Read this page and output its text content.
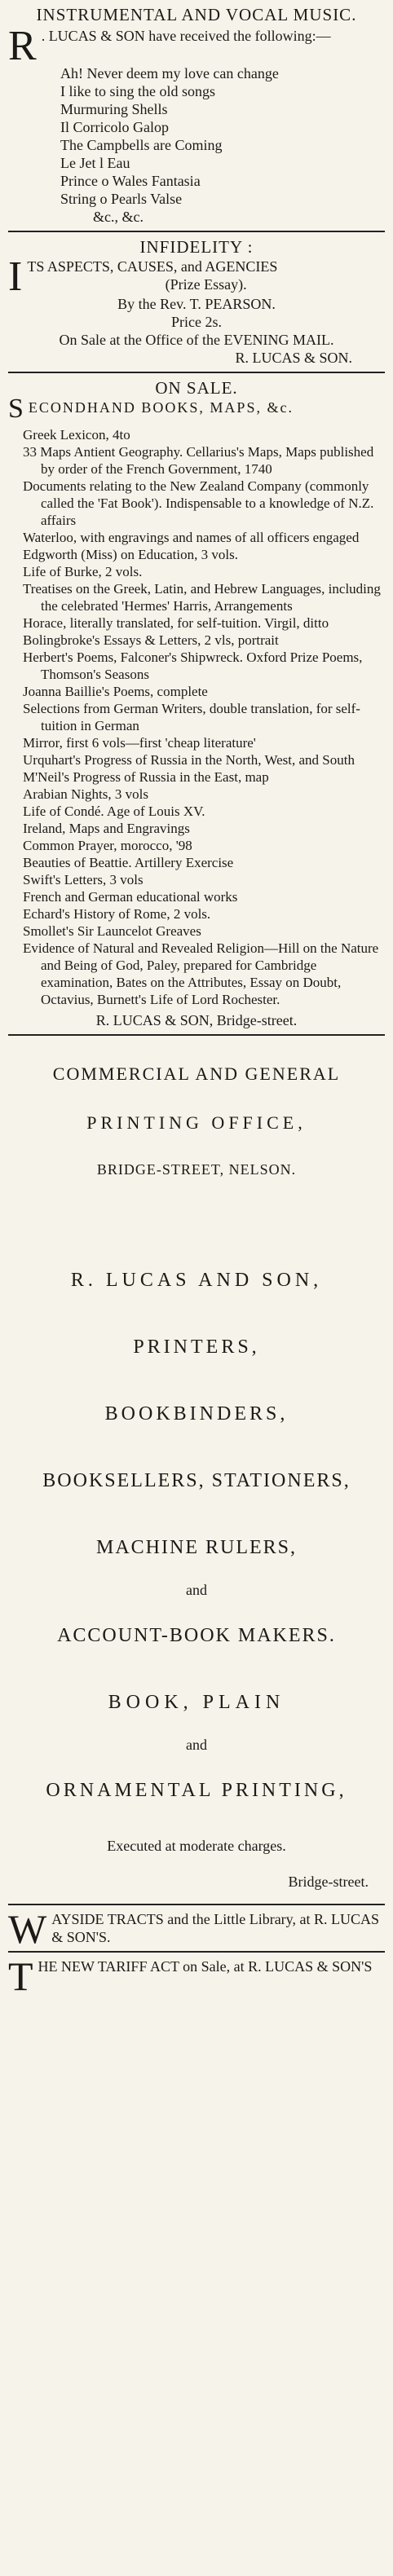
INSTRUMENTAL AND VOCAL MUSIC.
R . LUCAS & SON have received the following:—
Ah! Never deem my love can change
I like to sing the old songs
Murmuring Shells
Il Corricolo Galop
The Campbells are Coming
Le Jet l Eau
Prince o Wales Fantasia
String o Pearls Valse
&c., &c.
INFIDELITY :
I TS ASPECTS, CAUSES, and AGENCIES
(Prize Essay).
By the Rev. T. PEARSON.
Price 2s.
On Sale at the Office of the EVENING MAIL.
R. LUCAS & SON.
ON SALE.
S ECONDHAND BOOKS, MAPS, &c.

Greek Lexicon, 4to

33 Maps Antient Geography. Cellarius's Maps, Maps published by order of the French Government, 1740

Documents relating to the New Zealand Company (commonly called the 'Fat Book'). Indispensable to a knowledge of N.Z. affairs

Waterloo, with engravings and names of all officers engaged

Edgworth (Miss) on Education, 3 vols.

Life of Burke, 2 vols.

Treatises on the Greek, Latin, and Hebrew Languages, including the celebrated 'Hermes' Harris, Arrangements

Horace, literally translated, for self-tuition. Virgil, ditto

Bolingbroke's Essays & Letters, 2 vls, portrait

Herbert's Poems, Falconer's Shipwreck. Oxford Prize Poems, Thomson's Seasons

Joanna Baillie's Poems, complete

Selections from German Writers, double translation, for self-tuition in German

Mirror, first 6 vols—first 'cheap literature'

Urquhart's Progress of Russia in the North, West, and South

M'Neil's Progress of Russia in the East, map

Arabian Nights, 3 vols

Life of Condé. Age of Louis XV.

Ireland, Maps and Engravings

Common Prayer, morocco, '98

Beauties of Beattie. Artillery Exercise

Swift's Letters, 3 vols

French and German educational works

Echard's History of Rome, 2 vols.

Smollet's Sir Launcelot Greaves

Evidence of Natural and Revealed Religion—Hill on the Nature and Being of God, Paley, prepared for Cambridge examination, Bates on the Attributes, Essay on Doubt, Octavius, Burnett's Life of Lord Rochester.

R. LUCAS & SON, Bridge-street.
COMMERCIAL AND GENERAL
PRINTING OFFICE,
BRIDGE-STREET, NELSON.
R. LUCAS AND SON,
PRINTERS,
BOOKBINDERS,
BOOKSELLERS, STATIONERS,
MACHINE RULERS,
and
ACCOUNT-BOOK MAKERS.
BOOK, PLAIN
and
ORNAMENTAL PRINTING,
Executed at moderate charges.
Bridge-street.
W AYSIDE TRACTS and the Little Library, at R. LUCAS & SON'S.
T HE NEW TARIFF ACT on Sale, at R. LUCAS & SON'S
